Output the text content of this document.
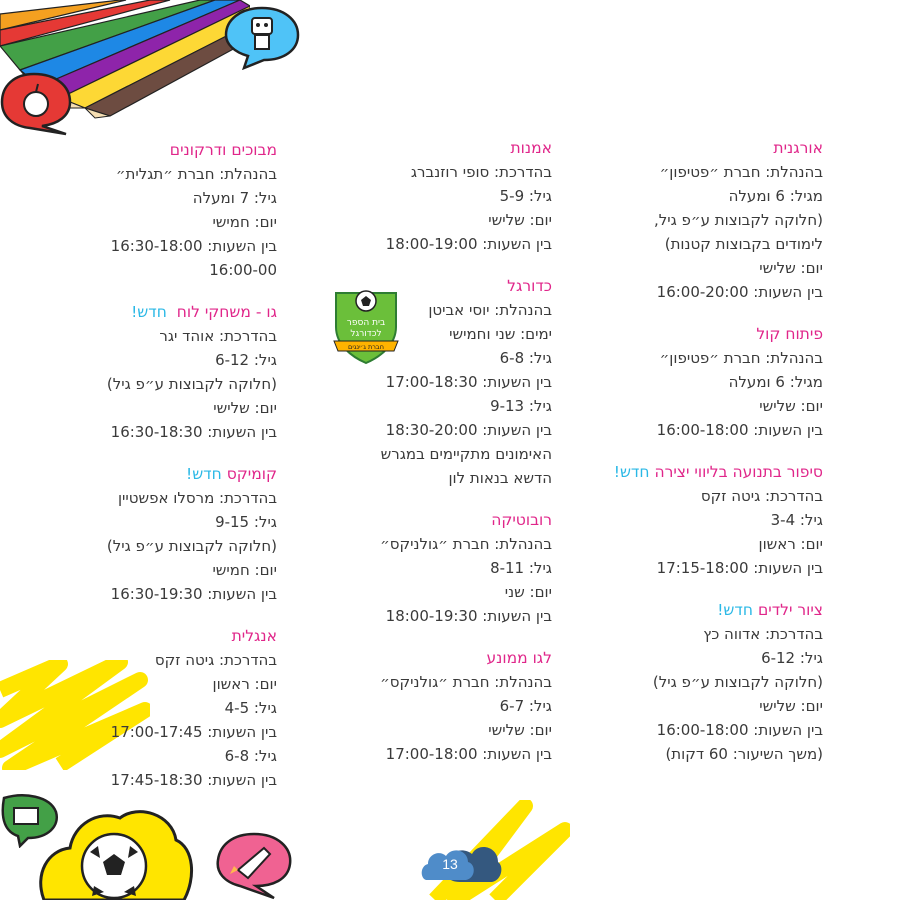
13
בית הספר
לכדורגל
חברת ג׳ינגים
אורגנית
בהנהלת: חברת ״פטיפון״
מגיל: 6 ומעלה
(חלוקה לקבוצות ע״פ גיל,
לימודים בקבוצות קטנות)
יום: שלישי
בין השעות: 16:00-20:00
פיתוח קול
בהנהלת: חברת ״פטיפון״
מגיל: 6 ומעלה
יום: שלישי
בין השעות: 16:00-18:00
סיפור בתנועה בליווי יצירה חדש!
בהדרכת: גיטה זקס
גיל: 3-4
יום: ראשון
בין השעות: 17:15-18:00
ציור ילדים חדש!
בהדרכת: אדווה כץ
גיל: 6-12
(חלוקה לקבוצות ע״פ גיל)
יום: שלישי
בין השעות: 16:00-18:00
(משך השיעור: 60 דקות)
אמנות
בהדרכת: סופי רוזנברג
גיל: 5-9
יום: שלישי
בין השעות: 18:00-19:00
כדורגל
בהנהלת: יוסי אביטן
ימים: שני וחמישי
גיל: 6-8
בין השעות: 17:00-18:30
גיל: 9-13
בין השעות: 18:30-20:00
האימונים מתקיימים במגרש
הדשא בנאות לון
רובוטיקה
בהנהלת: חברת ״גולניקס״
גיל: 8-11
יום: שני
בין השעות: 18:00-19:30
לגו ממונע
בהנהלת: חברת ״גולניקס״
גיל: 6-7
יום: שלישי
בין השעות: 17:00-18:00
מבוכים ודרקונים
בהנהלת: חברת ״תגלית״
גיל: 7 ומעלה
יום: חמישי
בין השעות: 16:30-18:00
16:00-00
גו - משחקי לוח  חדש!
בהדרכת: אוהד יגר
גיל: 6-12
(חלוקה לקבוצות ע״פ גיל)
יום: שלישי
בין השעות: 16:30-18:30
קומיקס חדש!
בהדרכת: מרסלו אפשטיין
גיל: 9-15
(חלוקה לקבוצות ע״פ גיל)
יום: חמישי
בין השעות: 16:30-19:30
אנגלית
בהדרכת: גיטה זקס
יום: ראשון
גיל: 4-5
בין השעות: 17:00-17:45
גיל: 6-8
בין השעות: 17:45-18:30
